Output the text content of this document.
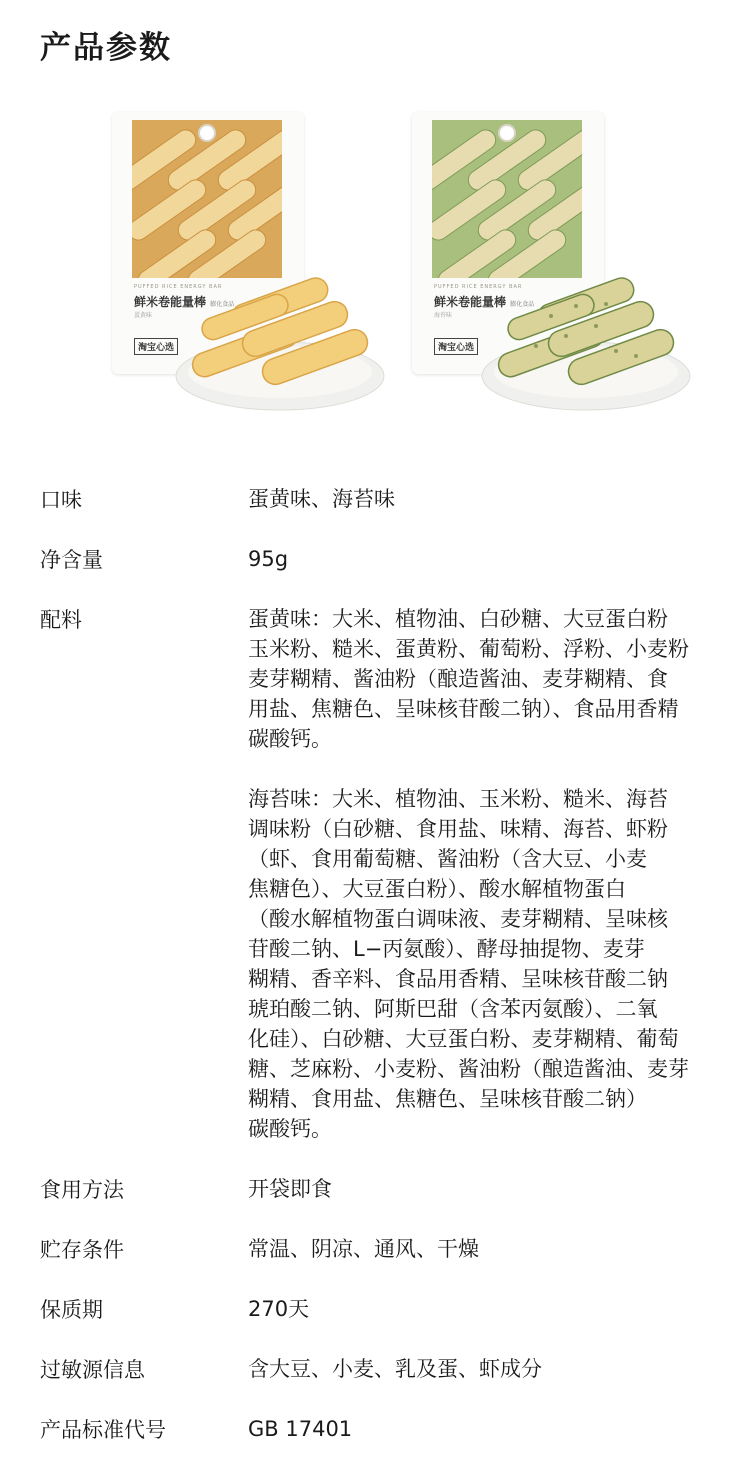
产品参数
PUFFED RICE ENERGY BAR
鲜米卷能量棒 膨化食品
蛋黄味
淘宝心选
PUFFED RICE ENERGY BAR
鲜米卷能量棒 膨化食品
海苔味
淘宝心选
口味	蛋黄味、海苔味
净含量	95g
配料	蛋黄味：大米、植物油、白砂糖、大豆蛋白粉
玉米粉、糙米、蛋黄粉、葡萄粉、浮粉、小麦粉
麦芽糊精、酱油粉（酿造酱油、麦芽糊精、食
用盐、焦糖色、呈味核苷酸二钠）、食品用香精
碳酸钙。
海苔味：大米、植物油、玉米粉、糙米、海苔
调味粉（白砂糖、食用盐、味精、海苔、虾粉
（虾、食用葡萄糖、酱油粉（含大豆、小麦
焦糖色）、大豆蛋白粉）、酸水解植物蛋白
（酸水解植物蛋白调味液、麦芽糊精、呈味核
苷酸二钠、L−丙氨酸）、酵母抽提物、麦芽
糊精、香辛料、食品用香精、呈味核苷酸二钠
琥珀酸二钠、阿斯巴甜（含苯丙氨酸）、二氧
化硅）、白砂糖、大豆蛋白粉、麦芽糊精、葡萄
糖、芝麻粉、小麦粉、酱油粉（酿造酱油、麦芽
糊精、食用盐、焦糖色、呈味核苷酸二钠）
碳酸钙。
食用方法	开袋即食
贮存条件	常温、阴凉、通风、干燥
保质期	270天
过敏源信息	含大豆、小麦、乳及蛋、虾成分
产品标准代号	GB 17401
